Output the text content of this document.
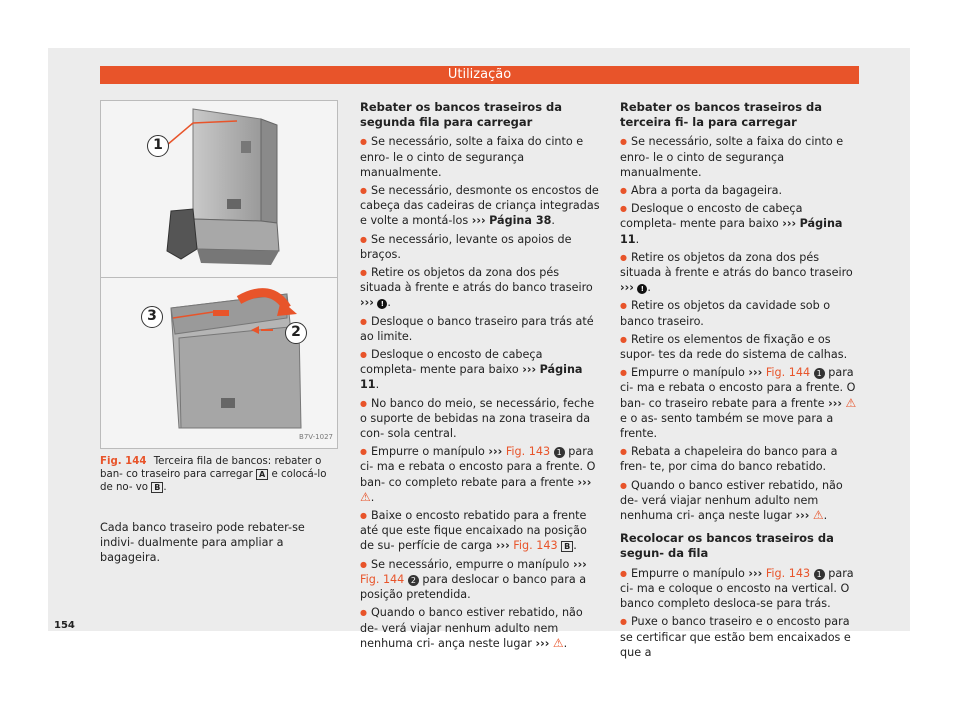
Utilização
1
3
2
B7V-1027
Fig. 144 Terceira fila de bancos: rebater o ban- co traseiro para carregar A e colocá-lo de no- vo B .

Cada banco traseiro pode rebater-se indivi- dualmente para ampliar a bagageira.

Rebater os bancos traseiros da segunda fila para carregar

● Se necessário, solte a faixa do cinto e enro- le o cinto de segurança manualmente.

● Se necessário, desmonte os encostos de cabeça das cadeiras de criança integradas e volte a montá-los ››› Página 38.

● Se necessário, levante os apoios de braços.

● Retire os objetos da zona dos pés situada à frente e atrás do banco traseiro ››› ! .

● Desloque o banco traseiro para trás até ao limite.

● Desloque o encosto de cabeça completa- mente para baixo ››› Página 11.

● No banco do meio, se necessário, feche o suporte de bebidas na zona traseira da con- sola central.

● Empurre o manípulo ››› Fig. 143 1 para ci- ma e rebata o encosto para a frente. O ban- co completo rebate para a frente ››› ⚠.

● Baixe o encosto rebatido para a frente até que este fique encaixado na posição de su- perfície de carga ››› Fig. 143 B .

● Se necessário, empurre o manípulo ››› Fig. 144 2 para deslocar o banco para a posição pretendida.

● Quando o banco estiver rebatido, não de- verá viajar nenhum adulto nem nenhuma cri- ança neste lugar ››› ⚠.

Rebater os bancos traseiros da terceira fi- la para carregar

● Se necessário, solte a faixa do cinto e enro- le o cinto de segurança manualmente.

● Abra a porta da bagageira.

● Desloque o encosto de cabeça completa- mente para baixo ››› Página 11.

● Retire os objetos da zona dos pés situada à frente e atrás do banco traseiro ››› ! .

● Retire os objetos da cavidade sob o banco traseiro.

● Retire os elementos de fixação e os supor- tes da rede do sistema de calhas.

● Empurre o manípulo ››› Fig. 144 1 para ci- ma e rebata o encosto para a frente. O ban- co traseiro rebate para a frente ››› ⚠ e o as- sento também se move para a frente.

● Rebata a chapeleira do banco para a fren- te, por cima do banco rebatido.

● Quando o banco estiver rebatido, não de- verá viajar nenhum adulto nem nenhuma cri- ança neste lugar ››› ⚠.

Recolocar os bancos traseiros da segun- da fila

● Empurre o manípulo ››› Fig. 143 1 para ci- ma e coloque o encosto na vertical. O banco completo desloca-se para trás.

● Puxe o banco traseiro e o encosto para se certificar que estão bem encaixados e que a

154
